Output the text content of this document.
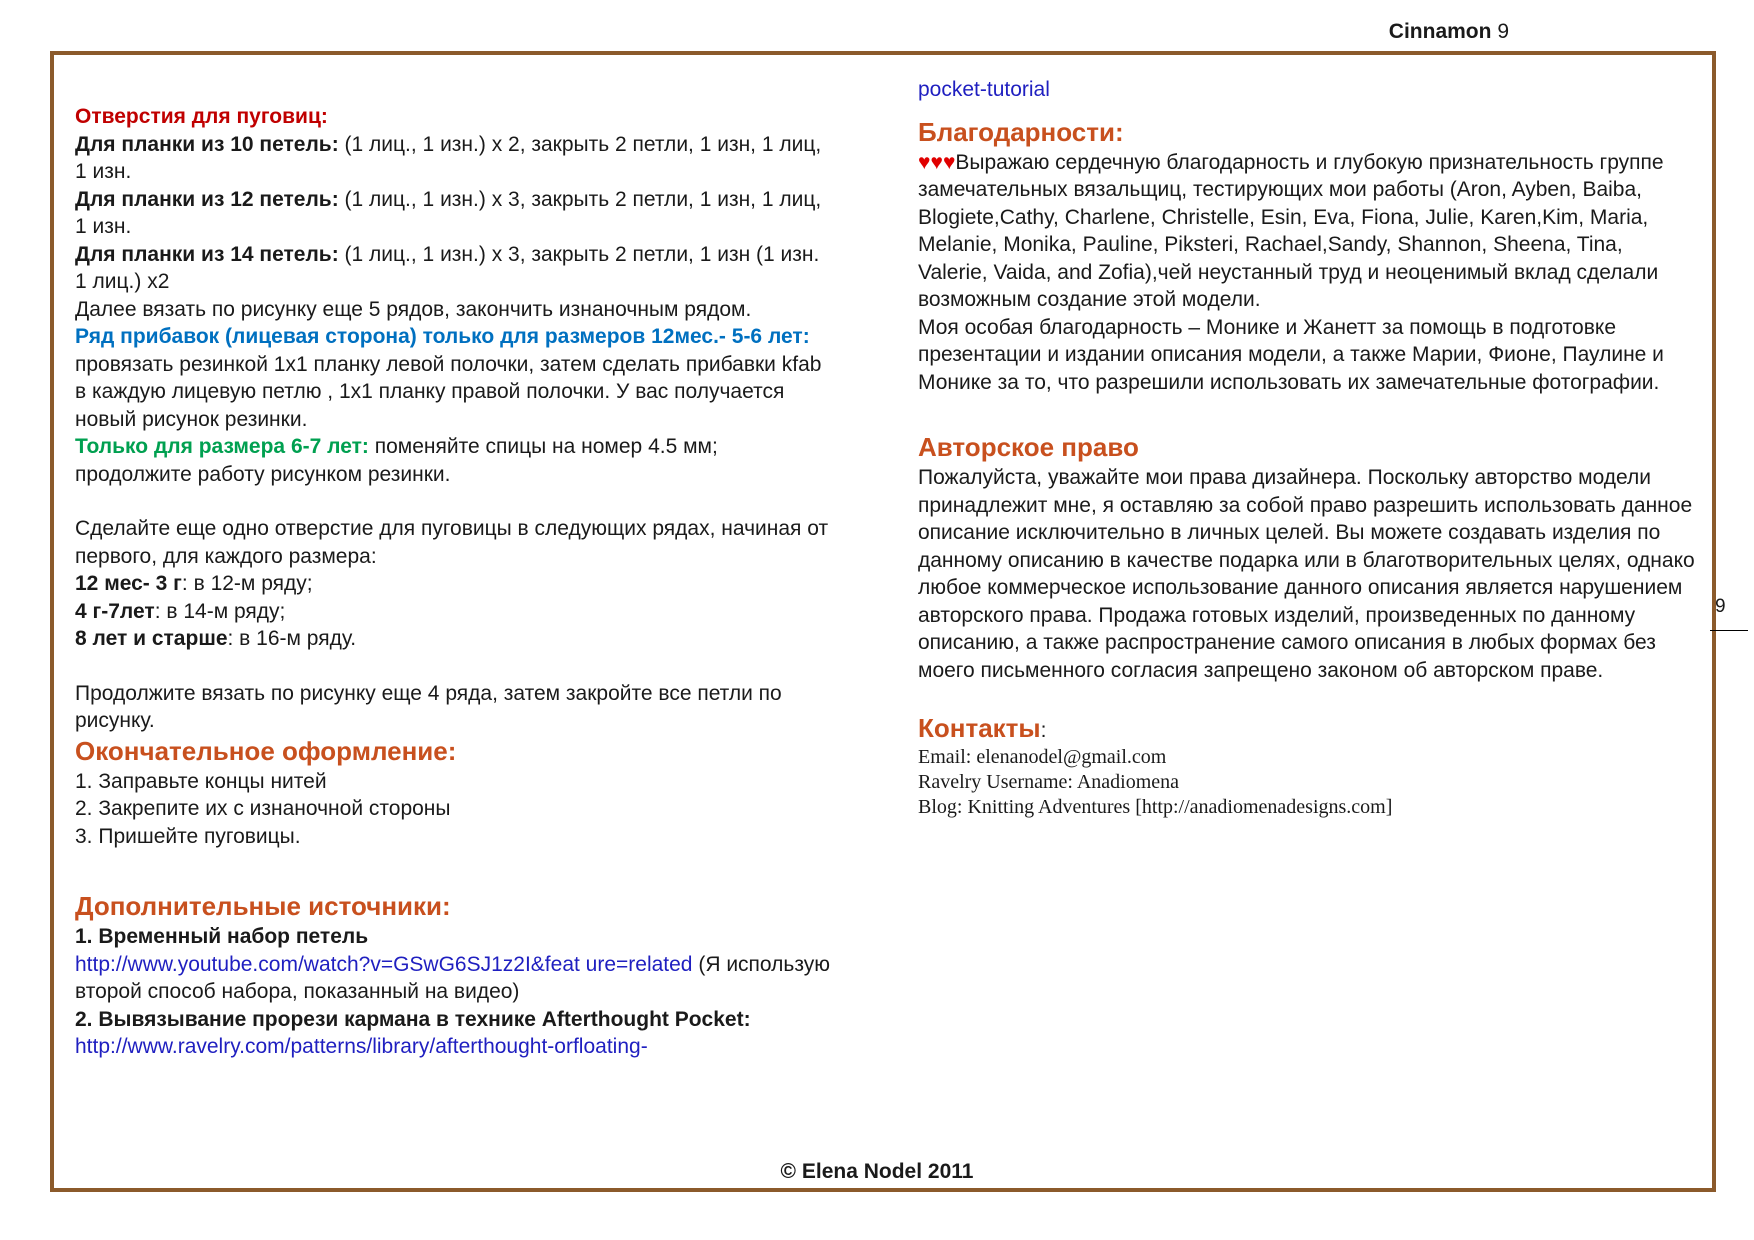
Cinnamon 9

Отверстия для пуговиц:

Для планки из 10 петель: (1 лиц., 1 изн.) x 2, закрыть 2 петли, 1 изн, 1 лиц, 1 изн.

Для планки из 12 петель: (1 лиц., 1 изн.) x 3, закрыть 2 петли, 1 изн, 1 лиц, 1 изн.

Для планки из 14 петель: (1 лиц., 1 изн.) x 3, закрыть 2 петли, 1 изн (1 изн. 1 лиц.) x2

Далее вязать по рисунку еще 5 рядов, закончить изнаночным рядом.

Ряд прибавок (лицевая сторона) только для размеров 12мес.- 5-6 лет: провязать резинкой 1х1 планку левой полочки, затем сделать прибавки kfab в каждую лицевую петлю , 1х1 планку правой полочки. У вас получается новый рисунок резинки.

Только для размера 6-7 лет: поменяйте спицы на номер 4.5 мм; продолжите работу рисунком резинки.

Сделайте еще одно отверстие для пуговицы в следующих рядах, начиная от первого, для каждого размера:

12 мес- 3 г: в 12-м ряду;

4 г-7лет: в 14-м ряду;

8 лет и старше: в 16-м ряду.

Продолжите вязать по рисунку еще 4 ряда, затем закройте все петли по рисунку.

Окончательное оформление:

1. Заправьте концы нитей

2. Закрепите их с изнаночной стороны

3. Пришейте пуговицы.

Дополнительные источники:

1. Временный набор петель

http://www.youtube.com/watch?v=GSwG6SJ1z2I&feat ure=related (Я использую второй способ набора, показанный на видео)

2. Вывязывание прорези кармана в технике Afterthought Pocket:

http://www.ravelry.com/patterns/library/afterthought-orfloating-

pocket-tutorial

Благодарности:

♥♥♥Выражаю сердечную благодарность и глубокую признательность группе замечательных вязальщиц, тестирующих мои работы (Aron, Ayben, Baiba, Blogiete,Cathy, Charlene, Christelle, Esin, Eva, Fiona, Julie, Karen,Kim, Maria, Melanie, Monika, Pauline, Piksteri, Rachael,Sandy, Shannon, Sheena, Tina, Valerie, Vaida, and Zofia),чей неустанный труд и неоценимый вклад сделали возможным создание этой модели.

Моя особая благодарность – Монике и Жанетт за помощь в подготовке презентации и издании описания модели, а также Марии, Фионе, Паулине и Монике за то, что разрешили использовать их замечательные фотографии.

Авторское право

Пожалуйста, уважайте мои права дизайнера. Поскольку авторство модели принадлежит мне, я оставляю за собой право разрешить использовать данное описание исключительно в личных целей. Вы можете создавать изделия по данному описанию в качестве подарка или в благотворительных целях, однако любое коммерческое использование данного описания является нарушением авторского права. Продажа готовых изделий, произведенных по данному описанию, а также распространение самого описания в любых формах без моего письменного согласия запрещено законом об авторском праве.

Контакты:

Email: elenanodel@gmail.com

Ravelry Username: Anadiomena

Blog: Knitting Adventures [http://anadiomenadesigns.com]

9
© Elena Nodel 2011
